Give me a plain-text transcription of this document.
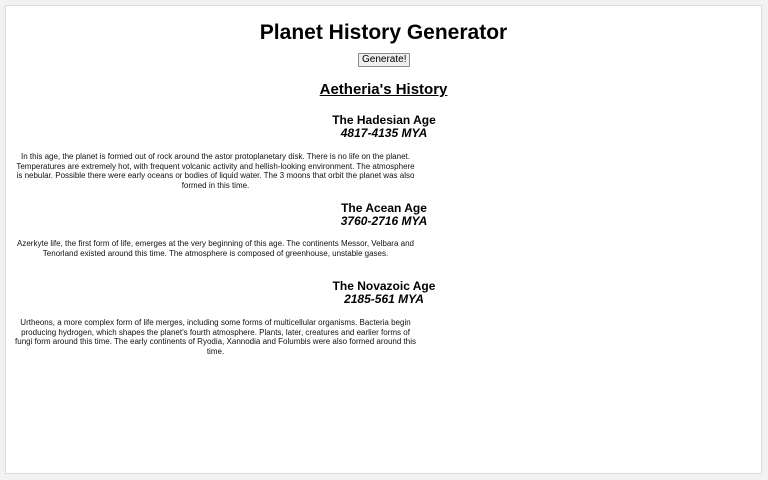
Planet History Generator
Generate!
Aetheria's History
The Hadesian Age
4817-4135 MYA

In this age, the planet is formed out of rock around the astor protoplanetary disk. There is no life on the planet. Temperatures are extremely hot, with frequent volcanic activity and hellish-looking environment. The atmosphere is nebular. Possible there were early oceans or bodies of liquid water. The 3 moons that orbit the planet was also formed in this time.

The Acean Age
3760-2716 MYA

Azerkyte life, the first form of life, emerges at the very beginning of this age. The continents Messor, Velbara and Tenorland existed around this time. The atmosphere is composed of greenhouse, unstable gases.

The Novazoic Age
2185-561 MYA

Urtheons, a more complex form of life merges, including some forms of multicellular organisms. Bacteria begin producing hydrogen, which shapes the planet's fourth atmosphere. Plants, later, creatures and earlier forms of fungi form around this time. The early continents of Ryodia, Xannodia and Folumbis were also formed around this time.
